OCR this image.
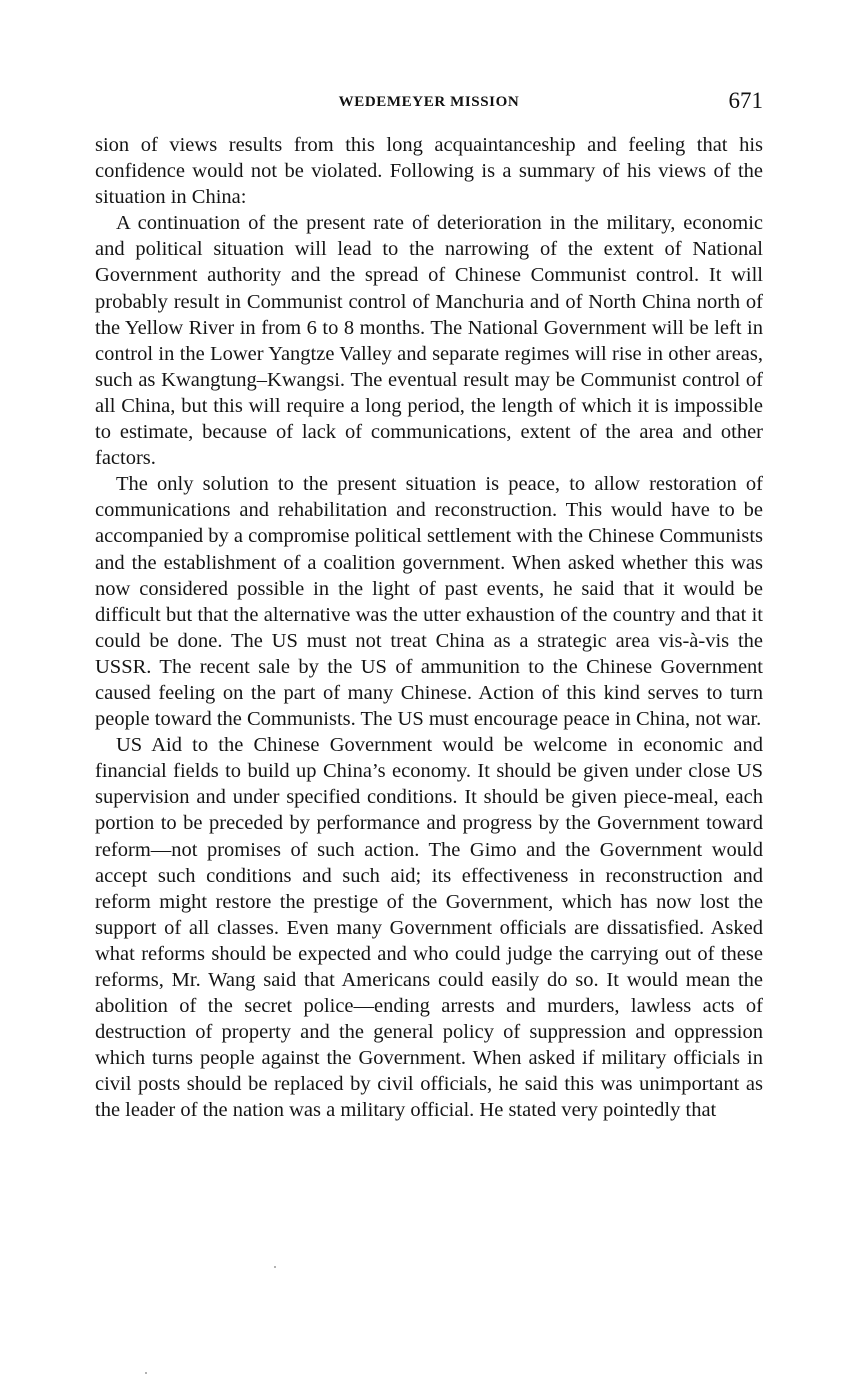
WEDEMEYER MISSION	671

sion of views results from this long acquaintanceship and feeling that his confidence would not be violated. Following is a summary of his views of the situation in China:

A continuation of the present rate of deterioration in the military, economic and political situation will lead to the narrowing of the extent of National Government authority and the spread of Chinese Communist control. It will probably result in Communist control of Manchuria and of North China north of the Yellow River in from 6 to 8 months. The National Government will be left in control in the Lower Yangtze Valley and separate regimes will rise in other areas, such as Kwangtung–Kwangsi. The eventual result may be Communist control of all China, but this will require a long period, the length of which it is impossible to estimate, because of lack of communications, extent of the area and other factors.

The only solution to the present situation is peace, to allow restoration of communications and rehabilitation and reconstruction. This would have to be accompanied by a compromise political settlement with the Chinese Communists and the establishment of a coalition government. When asked whether this was now considered possible in the light of past events, he said that it would be difficult but that the alternative was the utter exhaustion of the country and that it could be done. The US must not treat China as a strategic area vis-à-vis the USSR. The recent sale by the US of ammunition to the Chinese Government caused feeling on the part of many Chinese. Action of this kind serves to turn people toward the Communists. The US must encourage peace in China, not war.

US Aid to the Chinese Government would be welcome in economic and financial fields to build up China’s economy. It should be given under close US supervision and under specified conditions. It should be given piece-meal, each portion to be preceded by performance and progress by the Government toward reform—not promises of such action. The Gimo and the Government would accept such conditions and such aid; its effectiveness in reconstruction and reform might restore the prestige of the Government, which has now lost the support of all classes. Even many Government officials are dissatisfied. Asked what reforms should be expected and who could judge the carrying out of these reforms, Mr. Wang said that Americans could easily do so. It would mean the abolition of the secret police—ending arrests and murders, lawless acts of destruction of property and the general policy of suppression and oppression which turns people against the Government. When asked if military officials in civil posts should be replaced by civil officials, he said this was unimportant as the leader of the nation was a military official. He stated very pointedly that
